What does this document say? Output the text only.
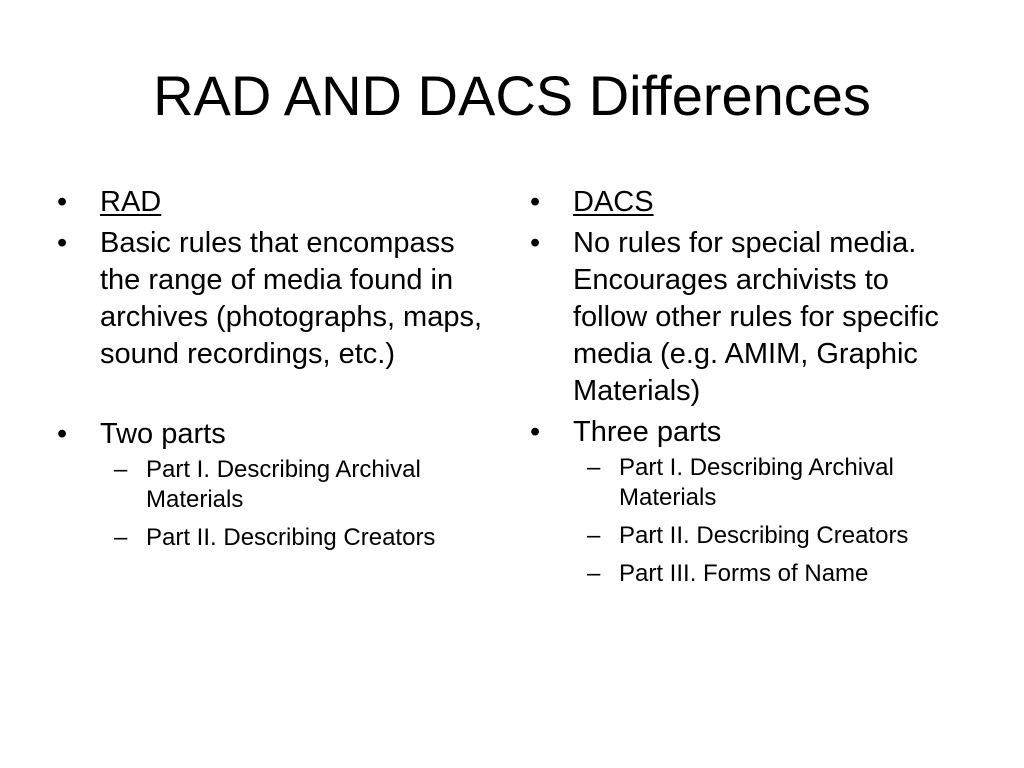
RAD AND DACS Differences
• RAD
• Basic rules that encompass the range of media found in archives (photographs, maps, sound recordings, etc.)
• Two parts
– Part I. Describing Archival Materials
– Part II. Describing Creators
• DACS
• No rules for special media. Encourages archivists to follow other rules for specific media (e.g. AMIM, Graphic Materials)
• Three parts
– Part I. Describing Archival Materials
– Part II. Describing Creators
– Part III. Forms of Name
